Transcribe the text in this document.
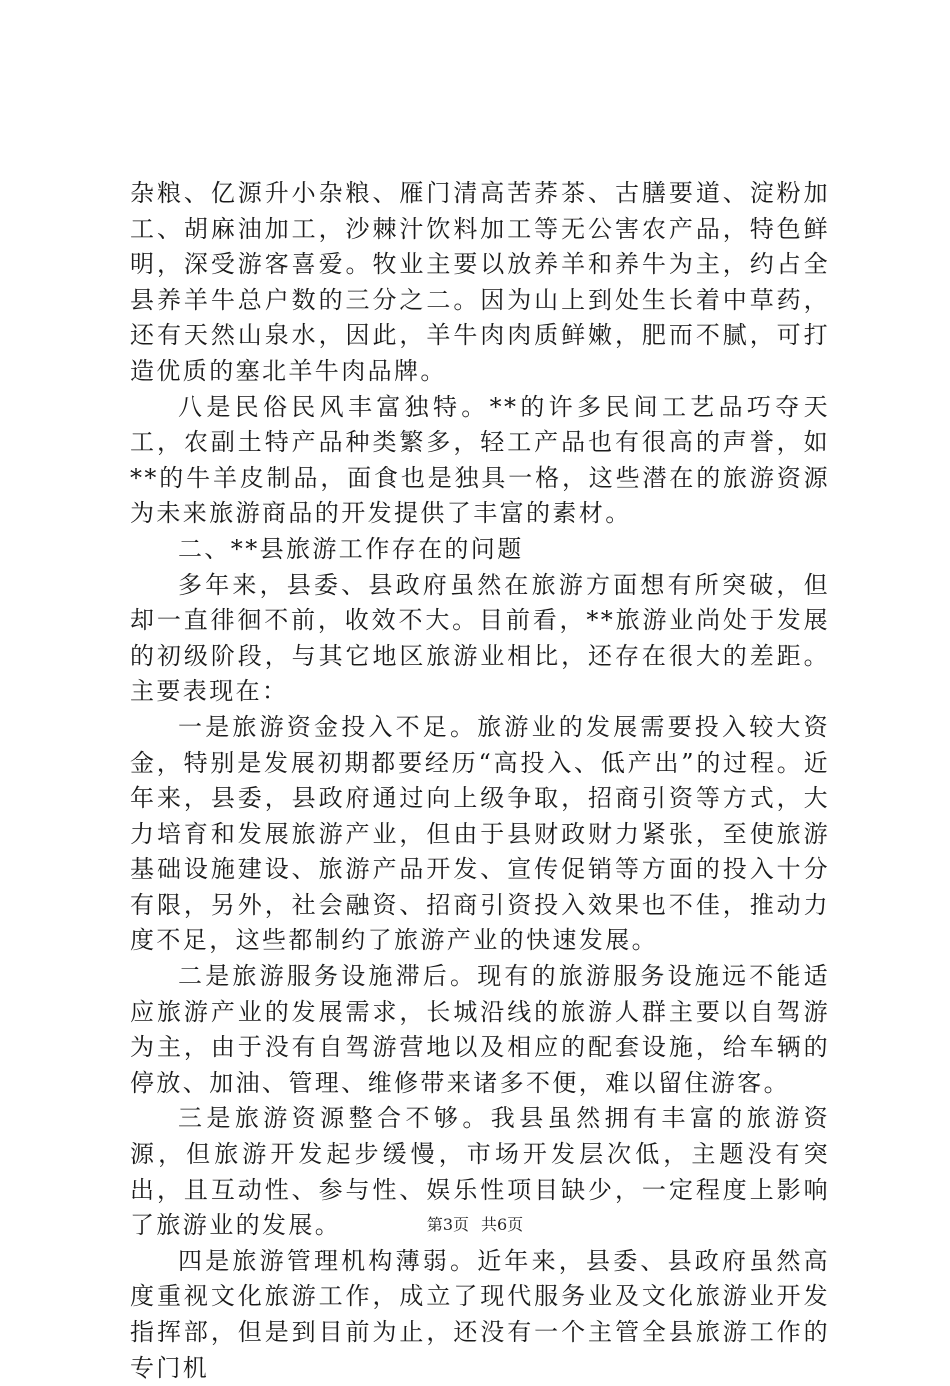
杂粮、亿源升小杂粮、雁门清高苦荞茶、古膳要道、淀粉加工、胡麻油加工，沙棘汁饮料加工等无公害农产品，特色鲜明，深受游客喜爱。牧业主要以放养羊和养牛为主，约占全县养羊牛总户数的三分之二。因为山上到处生长着中草药，还有天然山泉水，因此，羊牛肉肉质鲜嫩，肥而不腻，可打造优质的塞北羊牛肉品牌。

八是民俗民风丰富独特。**的许多民间工艺品巧夺天工，农副土特产品种类繁多，轻工产品也有很高的声誉，如**的牛羊皮制品，面食也是独具一格，这些潜在的旅游资源为未来旅游商品的开发提供了丰富的素材。

二、**县旅游工作存在的问题

多年来，县委、县政府虽然在旅游方面想有所突破，但却一直徘徊不前，收效不大。目前看，**旅游业尚处于发展的初级阶段，与其它地区旅游业相比，还存在很大的差距。主要表现在：

一是旅游资金投入不足。旅游业的发展需要投入较大资金，特别是发展初期都要经历“高投入、低产出”的过程。近年来，县委，县政府通过向上级争取，招商引资等方式，大力培育和发展旅游产业，但由于县财政财力紧张，至使旅游基础设施建设、旅游产品开发、宣传促销等方面的投入十分有限，另外，社会融资、招商引资投入效果也不佳，推动力度不足，这些都制约了旅游产业的快速发展。

二是旅游服务设施滞后。现有的旅游服务设施远不能适应旅游产业的发展需求，长城沿线的旅游人群主要以自驾游为主，由于没有自驾游营地以及相应的配套设施，给车辆的停放、加油、管理、维修带来诸多不便，难以留住游客。

三是旅游资源整合不够。我县虽然拥有丰富的旅游资源，但旅游开发起步缓慢，市场开发层次低，主题没有突出，且互动性、参与性、娱乐性项目缺少，一定程度上影响了旅游业的发展。

四是旅游管理机构薄弱。近年来，县委、县政府虽然高度重视文化旅游工作，成立了现代服务业及文化旅游业开发指挥部，但是到目前为止，还没有一个主管全县旅游工作的专门机

第3页 共6页
